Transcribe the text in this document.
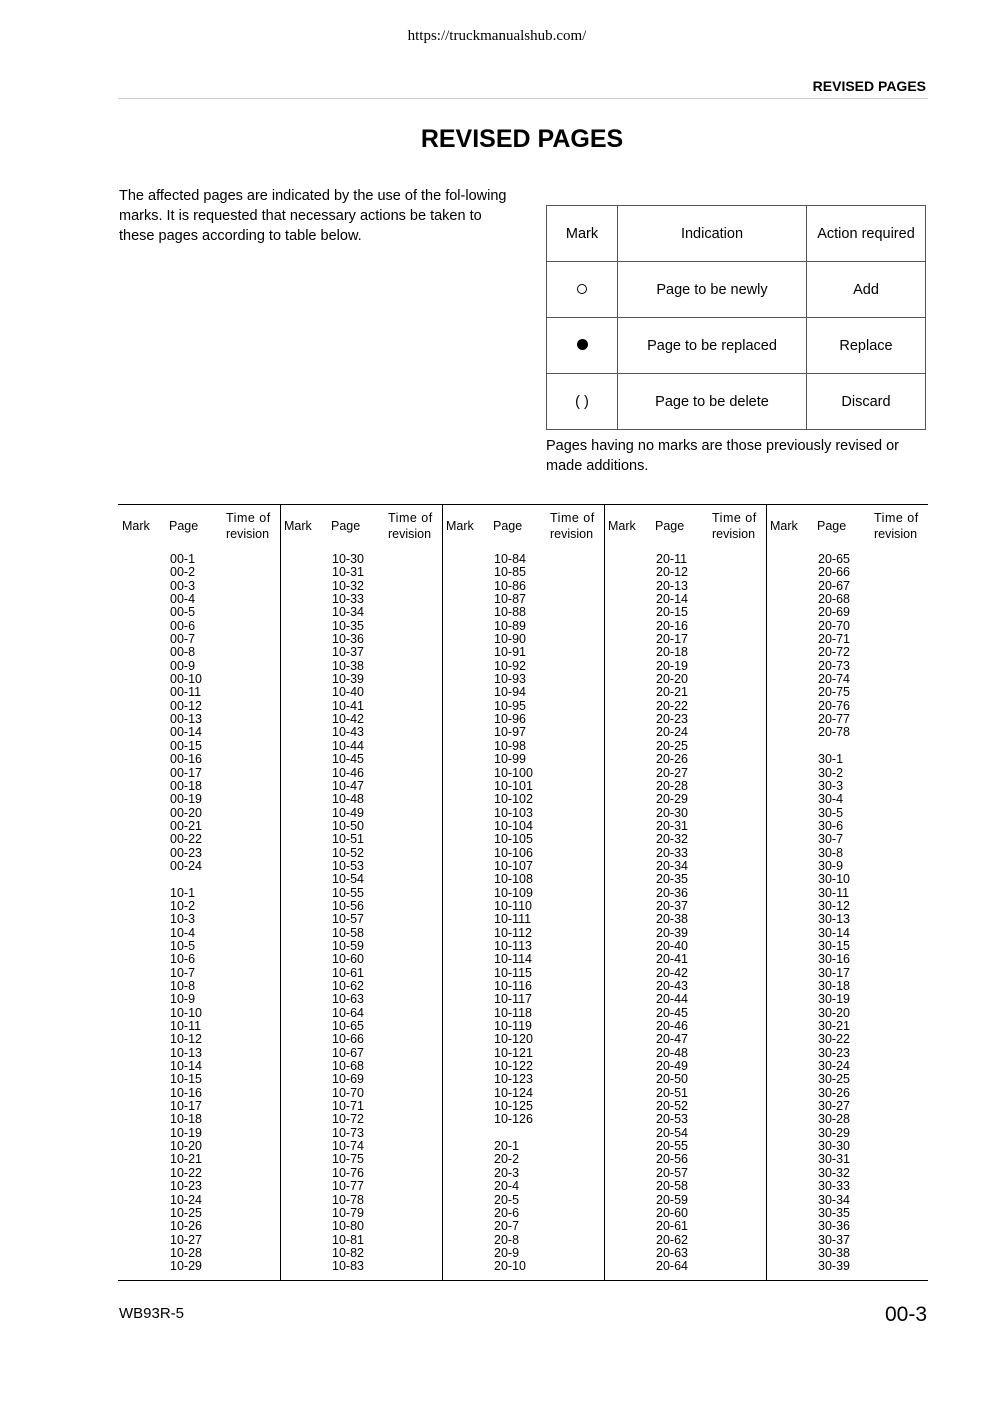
https://truckmanualshub.com/
REVISED PAGES
REVISED PAGES
The affected pages are indicated by the use of the fol-lowing marks. It is requested that necessary actions be taken to these pages according to table below.	Mark	Indication	Action required
	Page to be newly	Add
	Page to be replaced	Replace
( )	Page to be delete	Discard
Pages having no marks are those previously revised or made additions.
Mark Page
Time of
revision
00-1
00-2
00-3
00-4
00-5
00-6
00-7
00-8
00-9
00-10
00-11
00-12
00-13
00-14
00-15
00-16
00-17
00-18
00-19
00-20
00-21
00-22
00-23
00-24
10-1
10-2
10-3
10-4
10-5
10-6
10-7
10-8
10-9
10-10
10-11
10-12
10-13
10-14
10-15
10-16
10-17
10-18
10-19
10-20
10-21
10-22
10-23
10-24
10-25
10-26
10-27
10-28
10-29
Mark Page
Time of
revision
10-30
10-31
10-32
10-33
10-34
10-35
10-36
10-37
10-38
10-39
10-40
10-41
10-42
10-43
10-44
10-45
10-46
10-47
10-48
10-49
10-50
10-51
10-52
10-53
10-54
10-55
10-56
10-57
10-58
10-59
10-60
10-61
10-62
10-63
10-64
10-65
10-66
10-67
10-68
10-69
10-70
10-71
10-72
10-73
10-74
10-75
10-76
10-77
10-78
10-79
10-80
10-81
10-82
10-83
Mark Page
Time of
revision
10-84
10-85
10-86
10-87
10-88
10-89
10-90
10-91
10-92
10-93
10-94
10-95
10-96
10-97
10-98
10-99
10-100
10-101
10-102
10-103
10-104
10-105
10-106
10-107
10-108
10-109
10-110
10-111
10-112
10-113
10-114
10-115
10-116
10-117
10-118
10-119
10-120
10-121
10-122
10-123
10-124
10-125
10-126
20-1
20-2
20-3
20-4
20-5
20-6
20-7
20-8
20-9
20-10
Mark Page
Time of
revision
20-11
20-12
20-13
20-14
20-15
20-16
20-17
20-18
20-19
20-20
20-21
20-22
20-23
20-24
20-25
20-26
20-27
20-28
20-29
20-30
20-31
20-32
20-33
20-34
20-35
20-36
20-37
20-38
20-39
20-40
20-41
20-42
20-43
20-44
20-45
20-46
20-47
20-48
20-49
20-50
20-51
20-52
20-53
20-54
20-55
20-56
20-57
20-58
20-59
20-60
20-61
20-62
20-63
20-64
Mark Page
Time of
revision
20-65
20-66
20-67
20-68
20-69
20-70
20-71
20-72
20-73
20-74
20-75
20-76
20-77
20-78
30-1
30-2
30-3
30-4
30-5
30-6
30-7
30-8
30-9
30-10
30-11
30-12
30-13
30-14
30-15
30-16
30-17
30-18
30-19
30-20
30-21
30-22
30-23
30-24
30-25
30-26
30-27
30-28
30-29
30-30
30-31
30-32
30-33
30-34
30-35
30-36
30-37
30-38
30-39
WB93R-5	00-3
